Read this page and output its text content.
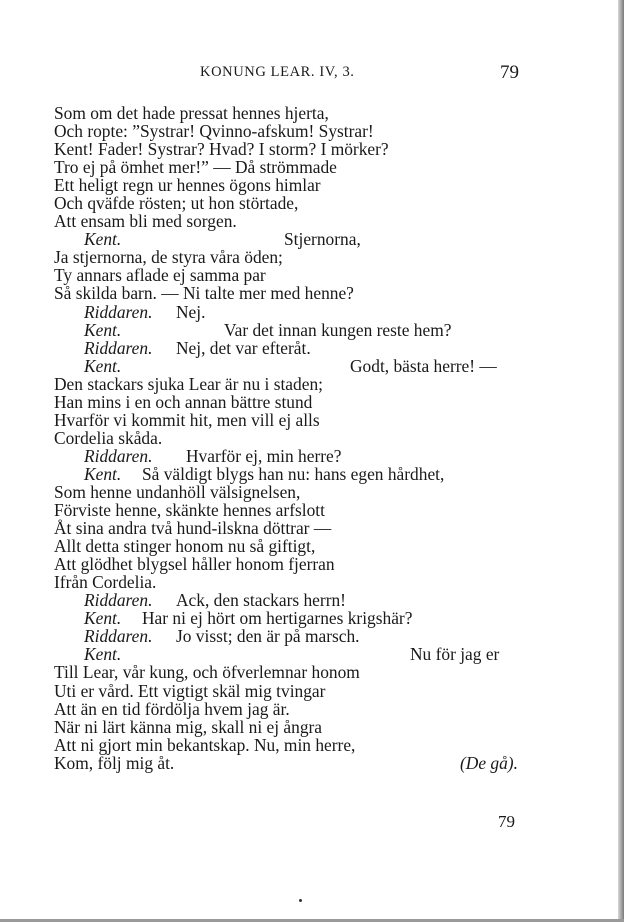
KONUNG LEAR. IV, 3.	79
Som om det hade pressat hennes hjerta,
Och ropte: ”Systrar! Qvinno-afskum! Systrar!
Kent! Fader! Systrar? Hvad? I storm? I mörker?
Tro ej på ömhet mer!” — Då strömmade
Ett heligt regn ur hennes ögons himlar
Och qväfde rösten; ut hon störtade,
Att ensam bli med sorgen.
Kent.	Stjernorna,
Ja stjernorna, de styra våra öden;
Ty annars aflade ej samma par
Så skilda barn. — Ni talte mer med henne?
Riddaren. Nej.
Kent.	Var det innan kungen reste hem?
Riddaren. Nej, det var efteråt.
Kent.	Godt, bästa herre! —
Den stackars sjuka Lear är nu i staden;
Han mins i en och annan bättre stund
Hvarför vi kommit hit, men vill ej alls
Cordelia skåda.
Riddaren. Hvarför ej, min herre?
Kent. Så väldigt blygs han nu: hans egen hårdhet,
Som henne undanhöll välsignelsen,
Förviste henne, skänkte hennes arfslott
Åt sina andra två hund-ilskna döttrar —
Allt detta stinger honom nu så giftigt,
Att glödhet blygsel håller honom fjerran
Ifrån Cordelia.
Riddaren. Ack, den stackars herrn!
Kent. Har ni ej hört om hertigarnes krigshär?
Riddaren. Jo visst; den är på marsch.
Kent.	Nu för jag er
Till Lear, vår kung, och öfverlemnar honom
Uti er vård. Ett vigtigt skäl mig tvingar
Att än en tid fördölja hvem jag är.
När ni lärt känna mig, skall ni ej ångra
Att ni gjort min bekantskap. Nu, min herre,
Kom, följ mig åt.	(De gå).
79
